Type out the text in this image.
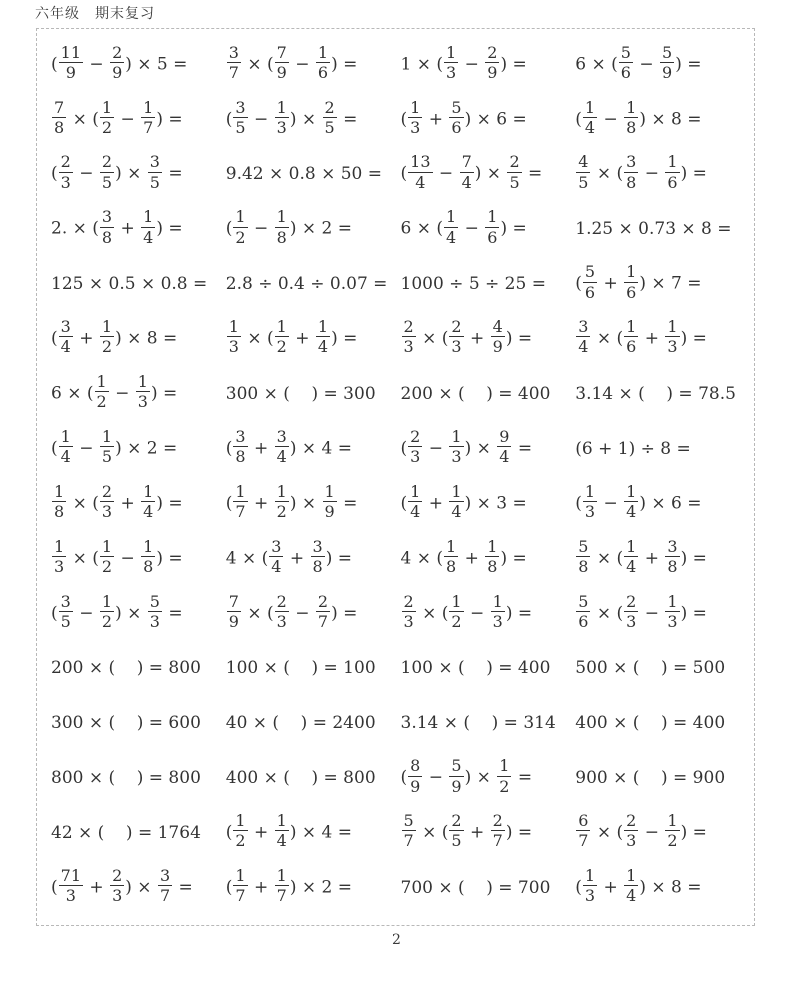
六年级　期末复习
( $\frac{11}{9} - \frac{2}{9}$ ) × 5 =	$\frac{3}{7}$ × ( $\frac{7}{9} - \frac{1}{6}$ ) =	1 × ( $\frac{1}{3} - \frac{2}{9}$ ) =	6 × ( $\frac{5}{6} - \frac{5}{9}$ ) =
$\frac{7}{8}$ × ( $\frac{1}{2} - \frac{1}{7}$ ) =	( $\frac{3}{5} - \frac{1}{3}$ ) × $\frac{2}{5}$ =	( $\frac{1}{3} + \frac{5}{6}$ ) × 6 =	( $\frac{1}{4} - \frac{1}{8}$ ) × 8 =
( $\frac{2}{3} - \frac{2}{5}$ ) × $\frac{3}{5}$ =	9.42 × 0.8 × 50 =	( $\frac{13}{4} - \frac{7}{4}$ ) × $\frac{2}{5}$ =	$\frac{4}{5}$ × ( $\frac{3}{8} - \frac{1}{6}$ ) =
2. × ( $\frac{3}{8} + \frac{1}{4}$ ) =	( $\frac{1}{2} - \frac{1}{8}$ ) × 2 =	6 × ( $\frac{1}{4} - \frac{1}{6}$ ) =	1.25 × 0.73 × 8 =
125 × 0.5 × 0.8 =	2.8 ÷ 0.4 ÷ 0.07 = 1000 ÷ 5 ÷ 25 =	( $\frac{5}{6} + \frac{1}{6}$ ) × 7 =
( $\frac{3}{4} + \frac{1}{2}$ ) × 8 =	$\frac{1}{3}$ × ( $\frac{1}{2} + \frac{1}{4}$ ) =	$\frac{2}{3}$ × ( $\frac{2}{3} + \frac{4}{9}$ ) =	$\frac{3}{4}$ × ( $\frac{1}{6} + \frac{1}{3}$ ) =
6 × ( $\frac{1}{2} - \frac{1}{3}$ ) =	300 × (    ) = 300	200 × (    ) = 400	3.14 × (    ) = 78.5
( $\frac{1}{4} - \frac{1}{5}$ ) × 2 =	( $\frac{3}{8} + \frac{3}{4}$ ) × 4 =	( $\frac{2}{3} - \frac{1}{3}$ ) × $\frac{9}{4}$ =	(6 + 1) ÷ 8 =
$\frac{1}{8}$ × ( $\frac{2}{3} + \frac{1}{4}$ ) =	( $\frac{1}{7} + \frac{1}{2}$ ) × $\frac{1}{9}$ =	( $\frac{1}{4} + \frac{1}{4}$ ) × 3 =	( $\frac{1}{3} - \frac{1}{4}$ ) × 6 =
$\frac{1}{3}$ × ( $\frac{1}{2} - \frac{1}{8}$ ) =	4 × ( $\frac{3}{4} + \frac{3}{8}$ ) =	4 × ( $\frac{1}{8} + \frac{1}{8}$ ) =	$\frac{5}{8}$ × ( $\frac{1}{4} + \frac{3}{8}$ ) =
( $\frac{3}{5} - \frac{1}{2}$ ) × $\frac{5}{3}$ =	$\frac{7}{9}$ × ( $\frac{2}{3} - \frac{2}{7}$ ) =	$\frac{2}{3}$ × ( $\frac{1}{2} - \frac{1}{3}$ ) =	$\frac{5}{6}$ × ( $\frac{2}{3} - \frac{1}{3}$ ) =
200 × (    ) = 800	100 × (    ) = 100	100 × (    ) = 400	500 × (    ) = 500
300 × (    ) = 600	40 × (    ) = 2400	3.14 × (    ) = 314	400 × (    ) = 400
800 × (    ) = 800	400 × (    ) = 800	( $\frac{8}{9} - \frac{5}{9}$ ) × $\frac{1}{2}$ =	900 × (    ) = 900
42 × (    ) = 1764	( $\frac{1}{2} + \frac{1}{4}$ ) × 4 =	$\frac{5}{7}$ × ( $\frac{2}{5} + \frac{2}{7}$ ) =	$\frac{6}{7}$ × ( $\frac{2}{3} - \frac{1}{2}$ ) =
( $\frac{71}{3} + \frac{2}{3}$ ) × $\frac{3}{7}$ =	( $\frac{1}{7} + \frac{1}{7}$ ) × 2 =	700 × (    ) = 700	( $\frac{1}{3} + \frac{1}{4}$ ) × 8 =
2
